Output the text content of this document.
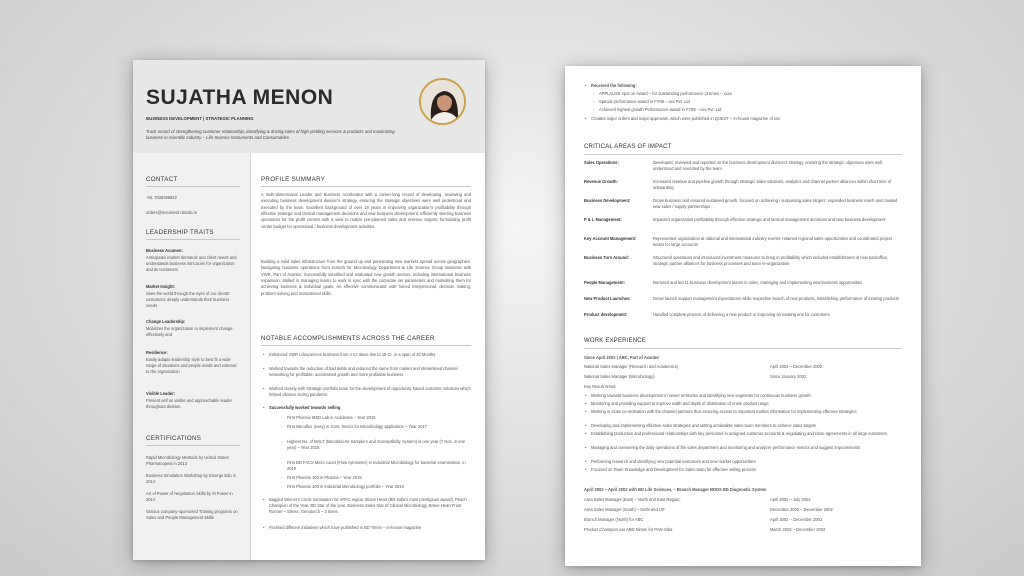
SUJATHA MENON
BUSINESS DEVELOPMENT | STRATEGIC PLANNING
Track record of strengthening customer relationship, identifying & driving sales of high-yielding services & products and maximizing business in scientific industry – Life Science Instruments and Consumables
CONTACT
+91 7838395822
orders@resumesin.bindia.in
LEADERSHIP TRAITS
Business Acumen:
Anticipates market demands and client needs and understands business intricacies for organization and its customers
Market Insight:
Sees the world through the eyes of our clients' customers; deeply understands their business needs
Change Leadership:
Mobilizes the organization to implement change effectively and
Resilience:
Easily adapts leadership style to best fit a wide range of situations and people inside and external to the organization
Visible Leader:
Present self as visible and approachable leader throughout division.
CERTIFICATIONS
Rapid Microbiology Methods by United States Pharmacopeia in 2013
Business Simulation Workshop by Emerge Edu in 2014
Art of Power of Negotiation Skills by M Power in 2014
Various company-sponsored Training programs on Sales and People Management Skills
PROFILE SUMMARY
A multi-dimensional Leader and Business Accelerator with a career-long record of developing, reviewing and executing business development division's strategy, ensuring the strategic objectives were well understood and executed by the team. Excellent background of over 19 years in improving organization's profitability through effective strategic and tactical management decisions and new business development. Efficiently steering business operations for the profit centers with a view to realize pre-planned sales and revenue targets; formulating profit center budget for operational / business development activities.
Building a solid sales infrastructure from the ground up and penetrating new markets spread across geographies. Navigating business operations from scratch for Microbiology Department & Life Science Group Business with VWR, Part of Avantor. Successfully identified and evaluated new growth sectors, including international business expansion. Skilled in managing teams to work in sync with the corporate set parameters and motivating them for achieving business & individual goals. An effective communicator with honed interpersonal, decision making, problem solving and motivational skills.
NOTABLE ACCOMPLISHMENTS ACROSS THE CAREER
• Enhanced VWR Lifesciences business from 4 Cr. Base line to 19 Cr. in a span of 20 Months
• Worked towards the reduction of bad debts and reduced the same from market and streamlined channel networking for profitable, accelerated growth and more profitable business
• Worked closely with Strategic portfolio team for the development of opportunity based customer solutions which helped division during pandemic
• Successfully worked towards selling
◦ First Phoenix MSD Lab in Academia – Year 2015
◦ First Microflex (easy) in Govt. Sector for Microbiology application – Year 2017
◦ Highest No. of MALT (Microbial Air Samplers and Susceptibility System) in one year (7 Nos. in one year) – Year 2019
◦ First BD FACS Micro count (Flow cytometer) in Industrial Microbiology for bacterial enumeration, in 2019
◦ First Phoenix 100 in Pharma – Year 2019
◦ First Phoenix 100 in Industrial Microbiology portfolio – Year 2019
• Bagged Winner's Circle nomination for APAC region, Brave Heart (BD India's most prestigious award), Peach Champion of the Year, BD Star of the year, Business Sales Star of Clinical Microbiology, Brave Heart Front Runner – Stress, Genotorch – 3 times
• Finished different initiatives which have published in BD Times – In-house magazine
• Received the following:
◦ APPLAUSE spot on Award – for outstanding performance (3 times – xxxx
◦ Special performance award in FY09 – xxx Pvt. Ltd
◦ Achieved highest growth Performance award in FY08 – xxx Pvt. Ltd
• Created major orders and major approvals, which were published in QUEST – In-house magazine of xxx
CRITICAL AREAS OF IMPACT
Sales Operations:	Developed, reviewed and reported on the business development division's strategy, ensuring the strategic objectives were well understood and executed by the team
Revenue Growth:	Increased revenue and pipeline growth through strategic sales solutions, analytics and channel partner alliances within short time of onboarding
Business Development:	Drove business and ensured sustained growth, focused on achieving / surpassing sales targets; expanded business reach and created new sales / supply partnerships
P & L Management:	Impacted organization profitability through effective strategic and tactical management decisions and new business development
Key Account Management:	Represented organization at national and international industry events; retained regional sales opportunities and coordinated project teams for large accounts
Business Turn Around:	Structured operations and introduced investment measures to bring in profitability which included establishment of new backoffice, strategic partner alliances for business processes and team re-organization
People Management:	Nurtured and led 11 business development teams in sales, managing and implementing new business opportunities
New Product Launches:	Drove launch support management expectations while respective launch of new products, establishing performance of existing products
Product development:	Handled complete process of delivering a new product or improving an existing one for customers
WORK EXPERIENCE
Since April 2002 | ABC, Part of Avantor
National Sales Manager (Research and Academics)	April 2002 – December 2002
National Sales Manager (Microbiology)	Since January 2002
Key Result Areas:
• Working towards business development in newer territories and identifying new segments for continuous business growth
• Monitoring and providing support to improve width and depth of distribution of entire product range
• Working in close co-ordination with the channel partners thus ensuring access to important market information for implementing effective strategies
• Developing and implementing effective sales strategies and setting achievable sales team members to achieve sales targets
• Establishing productive and professional relationships with key personnel in assigned customer accounts & negotiating and close agreements in all large customers
• Managing and overseeing the daily operations of the sales department and monitoring and analyzer performance metrics and suggest improvements
• Performing research and identifying new potential customers and new market opportunities
• Focused on Team Knowledge and Development for Sales team for effective selling process
April 2002 – April 2002 with BD Life Sciences, – Branch Manager BDDS BD Diagnostic System
Area Sales Manager (East) – North and East Region;	April 2002 – July 2002
Area Sales Manager (South) – Delhi and UP	December 2002 – December 2002
Branch Manager (North) for ABC	April 2002 – December 2002
Product Champion xxx ABD Nimmi for PAN India	March 2002 – December 2002
